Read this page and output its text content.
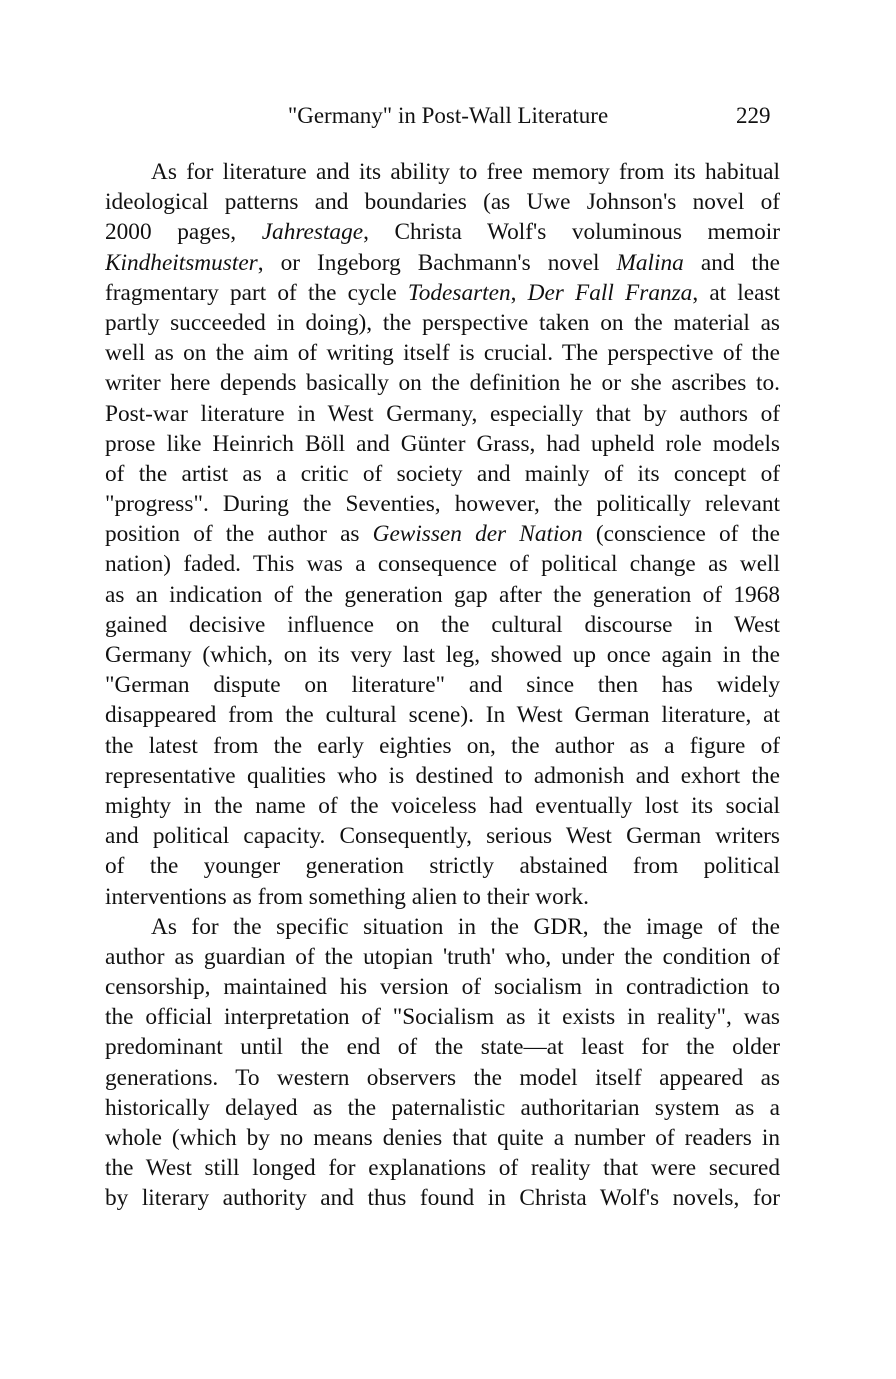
"Germany" in Post-Wall Literature	229
As for literature and its ability to free memory from its habitual
ideological patterns and boundaries (as Uwe Johnson's novel of
2000 pages, Jahrestage, Christa Wolf's voluminous memoir
Kindheitsmuster, or Ingeborg Bachmann's novel Malina and the
fragmentary part of the cycle Todesarten, Der Fall Franza, at least
partly succeeded in doing), the perspective taken on the material as
well as on the aim of writing itself is crucial. The perspective of the
writer here depends basically on the definition he or she ascribes to.
Post-war literature in West Germany, especially that by authors of
prose like Heinrich Böll and Günter Grass, had upheld role models
of the artist as a critic of society and mainly of its concept of
"progress". During the Seventies, however, the politically relevant
position of the author as Gewissen der Nation (conscience of the
nation) faded. This was a consequence of political change as well
as an indication of the generation gap after the generation of 1968
gained decisive influence on the cultural discourse in West
Germany (which, on its very last leg, showed up once again in the
"German dispute on literature" and since then has widely
disappeared from the cultural scene). In West German literature, at
the latest from the early eighties on, the author as a figure of
representative qualities who is destined to admonish and exhort the
mighty in the name of the voiceless had eventually lost its social
and political capacity. Consequently, serious West German writers
of the younger generation strictly abstained from political
interventions as from something alien to their work.
As for the specific situation in the GDR, the image of the
author as guardian of the utopian 'truth' who, under the condition of
censorship, maintained his version of socialism in contradiction to
the official interpretation of "Socialism as it exists in reality", was
predominant until the end of the state—at least for the older
generations. To western observers the model itself appeared as
historically delayed as the paternalistic authoritarian system as a
whole (which by no means denies that quite a number of readers in
the West still longed for explanations of reality that were secured
by literary authority and thus found in Christa Wolf's novels, for
